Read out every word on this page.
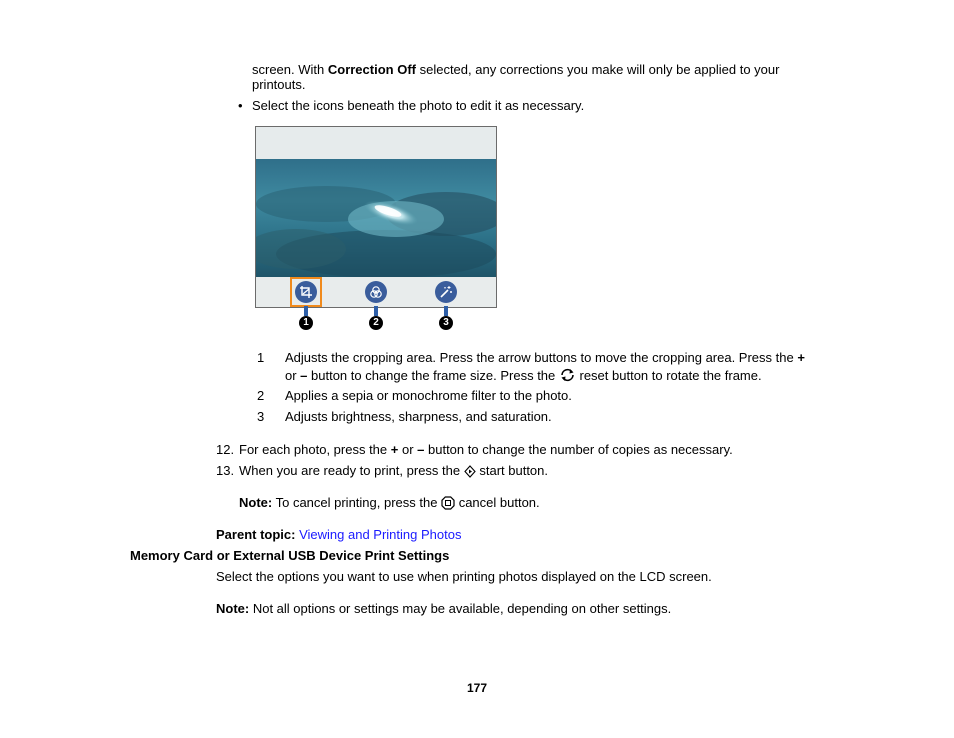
screen. With Correction Off selected, any corrections you make will only be applied to your
printouts.
• Select the icons beneath the photo to edit it as necessary.
1	2	3
1 Adjusts the cropping area. Press the arrow buttons to move the cropping area. Press the +
or – button to change the frame size. Press the  reset button to rotate the frame.
2 Applies a sepia or monochrome filter to the photo.
3 Adjusts brightness, sharpness, and saturation.
12. For each photo, press the + or – button to change the number of copies as necessary.
13. When you are ready to print, press the  start button.
Note: To cancel printing, press the  cancel button.
Parent topic: Viewing and Printing Photos
Memory Card or External USB Device Print Settings
Select the options you want to use when printing photos displayed on the LCD screen.
Note: Not all options or settings may be available, depending on other settings.
177
